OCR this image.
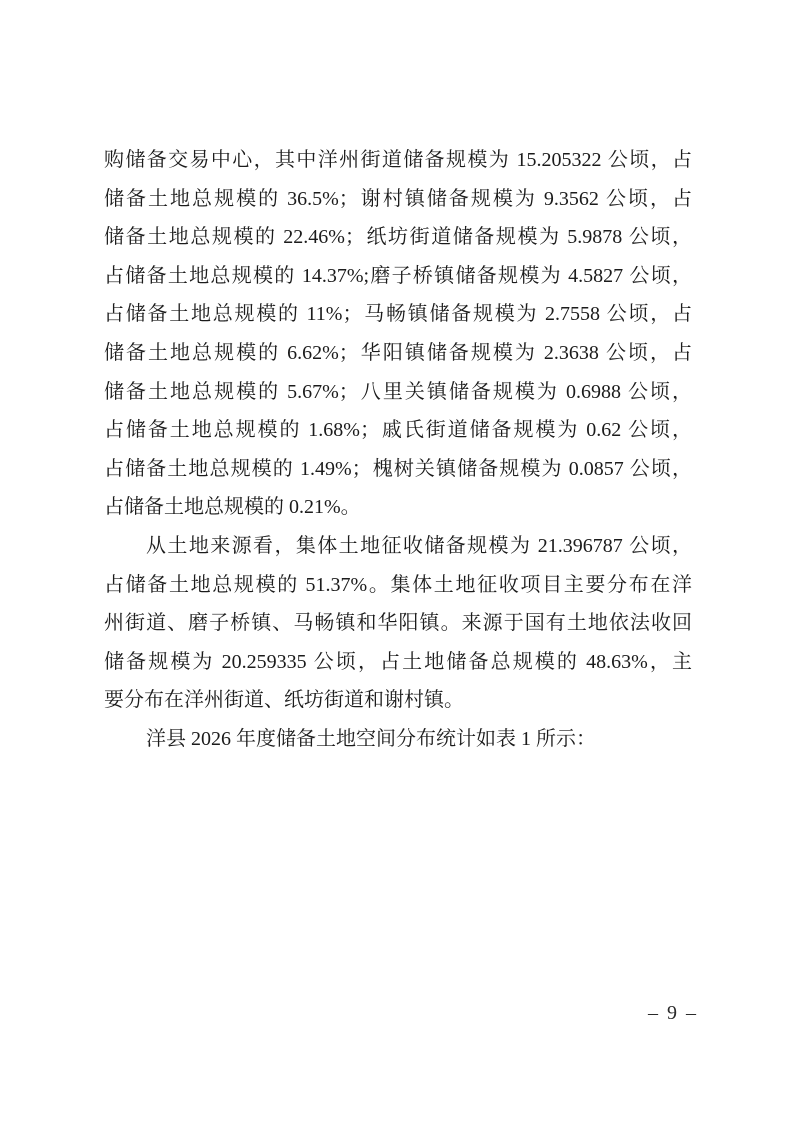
购储备交易中心，其中洋州街道储备规模为 15.205322 公顷，占

储备土地总规模的 36.5%；谢村镇储备规模为 9.3562 公顷，占

储备土地总规模的 22.46%；纸坊街道储备规模为 5.9878 公顷，

占储备土地总规模的 14.37%;磨子桥镇储备规模为 4.5827 公顷，

占储备土地总规模的 11%；马畅镇储备规模为 2.7558 公顷，占

储备土地总规模的 6.62%；华阳镇储备规模为 2.3638 公顷，占

储备土地总规模的 5.67%；八里关镇储备规模为 0.6988 公顷，

占储备土地总规模的 1.68%；戚氏街道储备规模为 0.62 公顷，

占储备土地总规模的 1.49%；槐树关镇储备规模为 0.0857 公顷，

占储备土地总规模的 0.21%。

从土地来源看，集体土地征收储备规模为 21.396787 公顷，

占储备土地总规模的 51.37%。集体土地征收项目主要分布在洋

州街道、磨子桥镇、马畅镇和华阳镇。来源于国有土地依法收回

储备规模为 20.259335 公顷，占土地储备总规模的 48.63%，主

要分布在洋州街道、纸坊街道和谢村镇。

洋县 2026 年度储备土地空间分布统计如表 1 所示：

– 9 –
